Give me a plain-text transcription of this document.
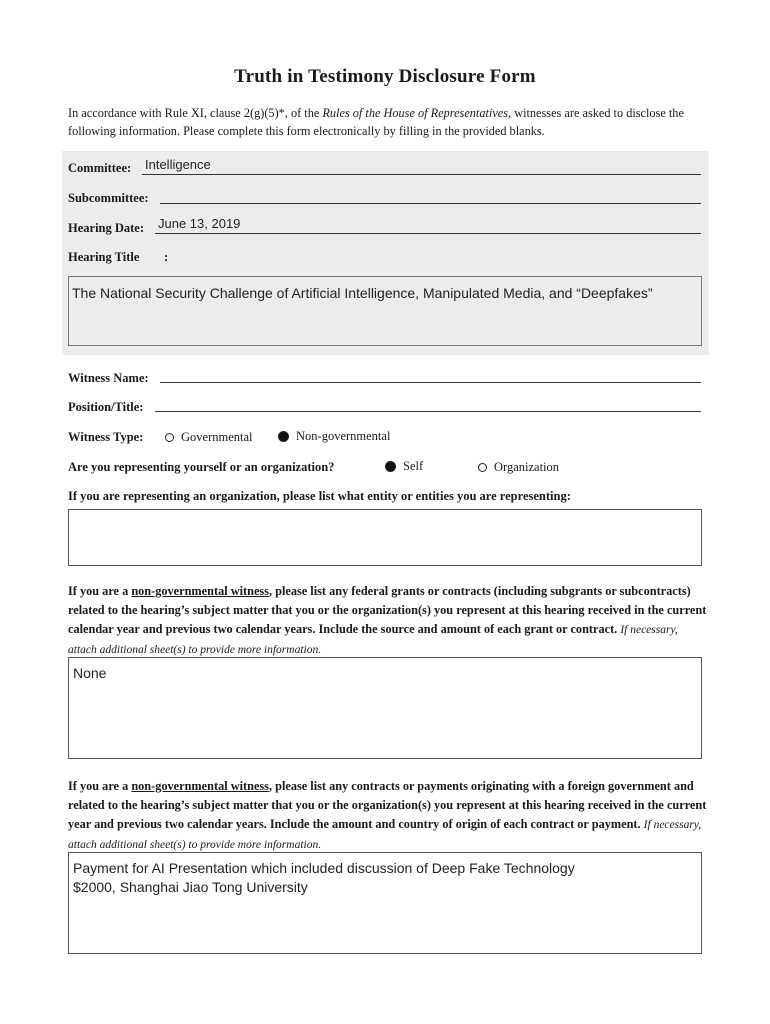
Truth in Testimony Disclosure Form
In accordance with Rule XI, clause 2(g)(5)*, of the Rules of the House of Representatives, witnesses are asked to disclose the following information. Please complete this form electronically by filling in the provided blanks.
Committee: Intelligence
Subcommittee:
Hearing Date: June 13, 2019
Hearing Title :
The National Security Challenge of Artificial Intelligence, Manipulated Media, and “Deepfakes”
Witness Name:
Position/Title:
Witness Type:	Governmental	Non-governmental
Are you representing yourself or an organization?	Self	Organization
If you are representing an organization, please list what entity or entities you are representing:
If you are a non-governmental witness, please list any federal grants or contracts (including subgrants or subcontracts) related to the hearing’s subject matter that you or the organization(s) you represent at this hearing received in the current calendar year and previous two calendar years. Include the source and amount of each grant or contract. If necessary, attach additional sheet(s) to provide more information.
None
If you are a non-governmental witness, please list any contracts or payments originating with a foreign government and related to the hearing’s subject matter that you or the organization(s) you represent at this hearing received in the current year and previous two calendar years. Include the amount and country of origin of each contract or payment. If necessary, attach additional sheet(s) to provide more information.
Payment for AI Presentation which included discussion of Deep Fake Technology
$2000, Shanghai Jiao Tong University
